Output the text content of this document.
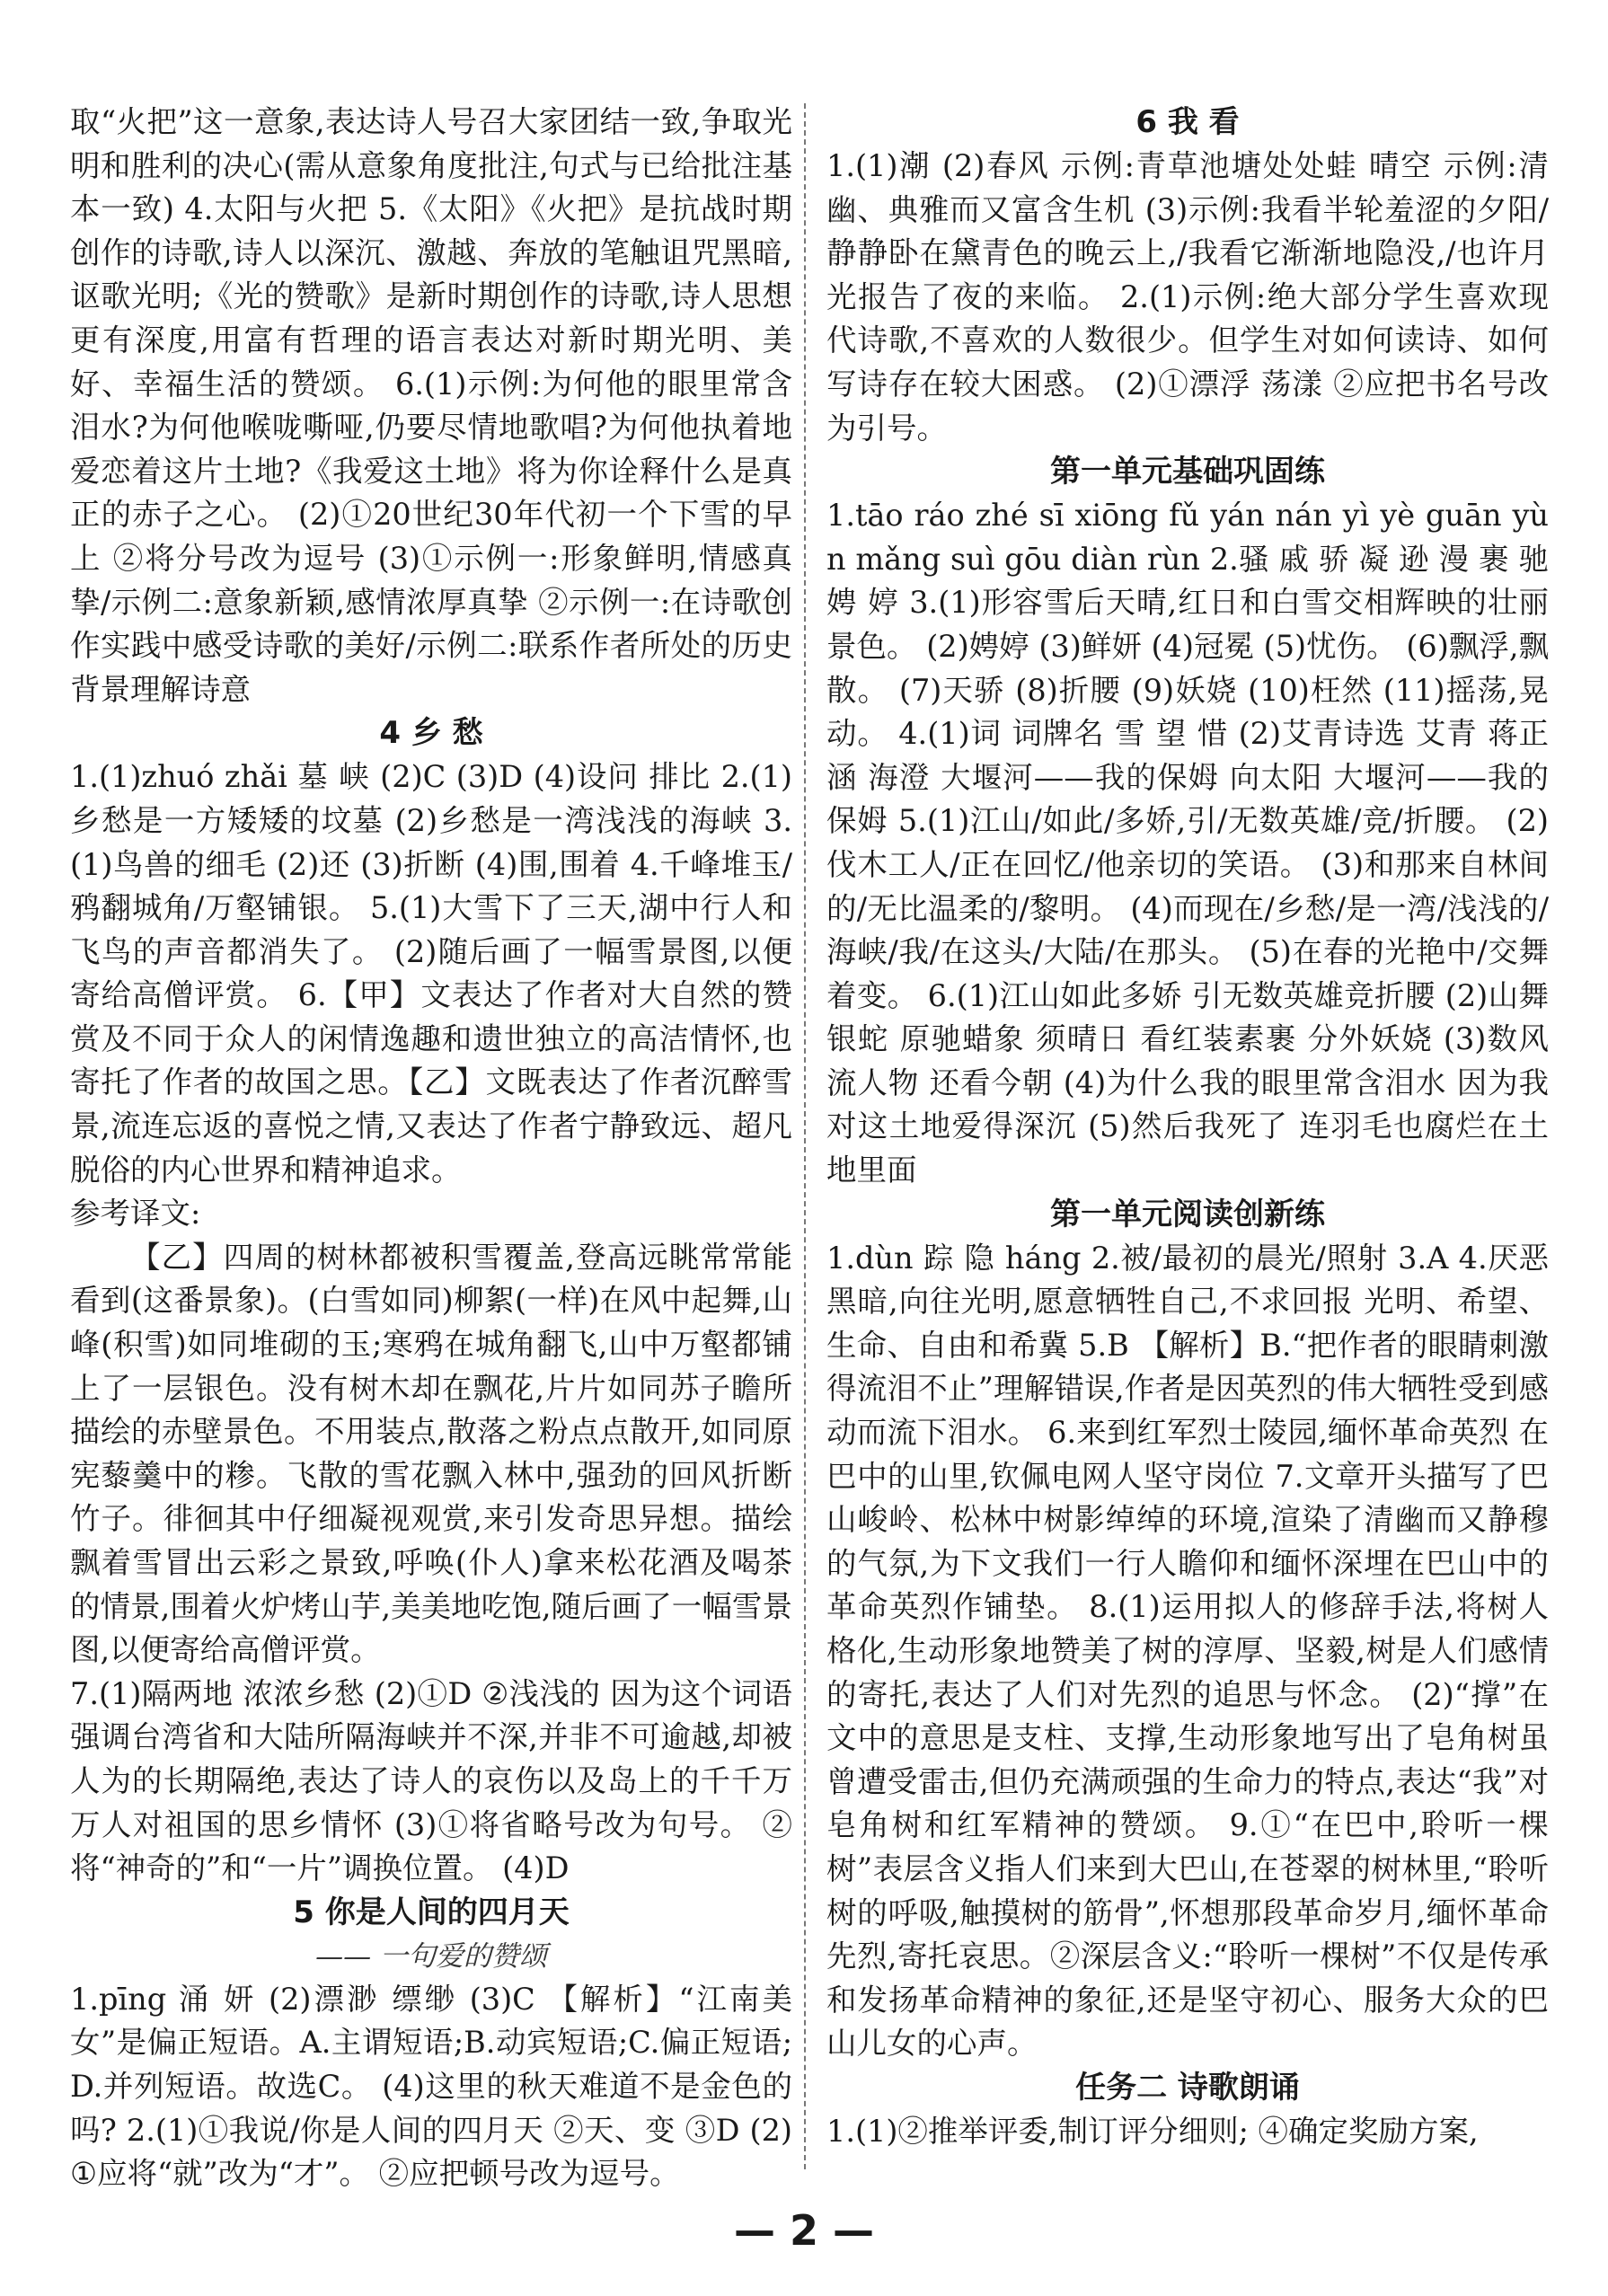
取“火把”这一意象,表达诗人号召大家团结一致,争取光明和胜利的决心(需从意象角度批注,句式与已给批注基本一致) 4.太阳与火把 5.《太阳》《火把》是抗战时期创作的诗歌,诗人以深沉、激越、奔放的笔触诅咒黑暗,讴歌光明;《光的赞歌》是新时期创作的诗歌,诗人思想更有深度,用富有哲理的语言表达对新时期光明、美好、幸福生活的赞颂。 6.(1)示例:为何他的眼里常含泪水?为何他喉咙嘶哑,仍要尽情地歌唱?为何他执着地爱恋着这片土地?《我爱这土地》将为你诠释什么是真正的赤子之心。 (2)①20世纪30年代初一个下雪的早上 ②将分号改为逗号 (3)①示例一:形象鲜明,情感真挚/示例二:意象新颖,感情浓厚真挚 ②示例一:在诗歌创作实践中感受诗歌的美好/示例二:联系作者所处的历史背景理解诗意

4 乡 愁

1.(1)zhuó zhǎi 墓 峡 (2)C (3)D (4)设问 排比 2.(1)乡愁是一方矮矮的坟墓 (2)乡愁是一湾浅浅的海峡 3.(1)鸟兽的细毛 (2)还 (3)折断 (4)围,围着 4.千峰堆玉/鸦翻城角/万壑铺银。 5.(1)大雪下了三天,湖中行人和飞鸟的声音都消失了。 (2)随后画了一幅雪景图,以便寄给高僧评赏。 6.【甲】文表达了作者对大自然的赞赏及不同于众人的闲情逸趣和遗世独立的高洁情怀,也寄托了作者的故国之思。【乙】文既表达了作者沉醉雪景,流连忘返的喜悦之情,又表达了作者宁静致远、超凡脱俗的内心世界和精神追求。

参考译文:

【乙】四周的树林都被积雪覆盖,登高远眺常常能看到(这番景象)。(白雪如同)柳絮(一样)在风中起舞,山峰(积雪)如同堆砌的玉;寒鸦在城角翻飞,山中万壑都铺上了一层银色。没有树木却在飘花,片片如同苏子瞻所描绘的赤壁景色。不用装点,散落之粉点点散开,如同原宪藜羹中的糁。飞散的雪花飘入林中,强劲的回风折断竹子。徘徊其中仔细凝视观赏,来引发奇思异想。描绘飘着雪冒出云彩之景致,呼唤(仆人)拿来松花酒及喝茶的情景,围着火炉烤山芋,美美地吃饱,随后画了一幅雪景图,以便寄给高僧评赏。

7.(1)隔两地 浓浓乡愁 (2)①D ②浅浅的 因为这个词语强调台湾省和大陆所隔海峡并不深,并非不可逾越,却被人为的长期隔绝,表达了诗人的哀伤以及岛上的千千万万人对祖国的思乡情怀 (3)①将省略号改为句号。 ②将“神奇的”和“一片”调换位置。 (4)D

5 你是人间的四月天

—— 一句爱的赞颂

1.pīng 涌 妍 (2)漂渺 缥缈 (3)C 【解析】“江南美女”是偏正短语。A.主谓短语;B.动宾短语;C.偏正短语;D.并列短语。故选C。 (4)这里的秋天难道不是金色的吗? 2.(1)①我说/你是人间的四月天 ②天、变 ③D (2)①应将“就”改为“才”。 ②应把顿号改为逗号。

6 我 看

1.(1)潮 (2)春风 示例:青草池塘处处蛙 晴空 示例:清幽、典雅而又富含生机 (3)示例:我看半轮羞涩的夕阳/静静卧在黛青色的晚云上,/我看它渐渐地隐没,/也许月光报告了夜的来临。 2.(1)示例:绝大部分学生喜欢现代诗歌,不喜欢的人数很少。但学生对如何读诗、如何写诗存在较大困惑。 (2)①漂浮 荡漾 ②应把书名号改为引号。

第一单元基础巩固练

1.tāo ráo zhé sī xiōng fǔ yán nán yì yè guān yùn mǎng suì gōu diàn rùn 2.骚 戚 骄 凝 逊 漫 裹 驰 娉 婷 3.(1)形容雪后天晴,红日和白雪交相辉映的壮丽景色。 (2)娉婷 (3)鲜妍 (4)冠冕 (5)忧伤。 (6)飘浮,飘散。 (7)天骄 (8)折腰 (9)妖娆 (10)枉然 (11)摇荡,晃动。 4.(1)词 词牌名 雪 望 惜 (2)艾青诗选 艾青 蒋正涵 海澄 大堰河——我的保姆 向太阳 大堰河——我的保姆 5.(1)江山/如此/多娇,引/无数英雄/竞/折腰。 (2)伐木工人/正在回忆/他亲切的笑语。 (3)和那来自林间的/无比温柔的/黎明。 (4)而现在/乡愁/是一湾/浅浅的/海峡/我/在这头/大陆/在那头。 (5)在春的光艳中/交舞着变。 6.(1)江山如此多娇 引无数英雄竞折腰 (2)山舞银蛇 原驰蜡象 须晴日 看红装素裹 分外妖娆 (3)数风流人物 还看今朝 (4)为什么我的眼里常含泪水 因为我对这土地爱得深沉 (5)然后我死了 连羽毛也腐烂在土地里面

第一单元阅读创新练

1.dùn 踪 隐 háng 2.被/最初的晨光/照射 3.A 4.厌恶黑暗,向往光明,愿意牺牲自己,不求回报 光明、希望、生命、自由和希冀 5.B 【解析】B.“把作者的眼睛刺激得流泪不止”理解错误,作者是因英烈的伟大牺牲受到感动而流下泪水。 6.来到红军烈士陵园,缅怀革命英烈 在巴中的山里,钦佩电网人坚守岗位 7.文章开头描写了巴山峻岭、松林中树影绰绰的环境,渲染了清幽而又静穆的气氛,为下文我们一行人瞻仰和缅怀深埋在巴山中的革命英烈作铺垫。 8.(1)运用拟人的修辞手法,将树人格化,生动形象地赞美了树的淳厚、坚毅,树是人们感情的寄托,表达了人们对先烈的追思与怀念。 (2)“撑”在文中的意思是支柱、支撑,生动形象地写出了皂角树虽曾遭受雷击,但仍充满顽强的生命力的特点,表达“我”对皂角树和红军精神的赞颂。 9.①“在巴中,聆听一棵树”表层含义指人们来到大巴山,在苍翠的树林里,“聆听树的呼吸,触摸树的筋骨”,怀想那段革命岁月,缅怀革命先烈,寄托哀思。②深层含义:“聆听一棵树”不仅是传承和发扬革命精神的象征,还是坚守初心、服务大众的巴山儿女的心声。

任务二 诗歌朗诵

1.(1)②推举评委,制订评分细则; ④确定奖励方案,

— 2 —
